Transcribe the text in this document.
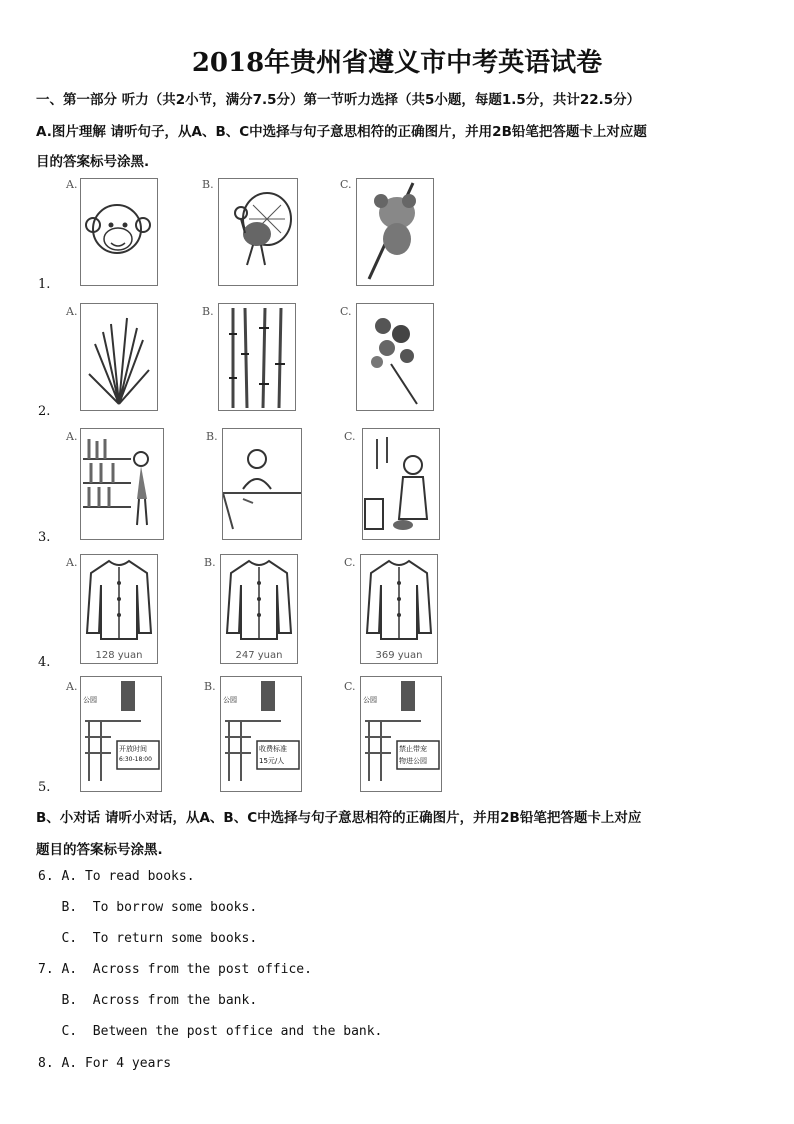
2018年贵州省遵义市中考英语试卷
一、第一部分 听力（共2小节，满分7.5分）第一节听力选择（共5小题，每题1.5分，共计22.5分）
A.图片理解 请听句子，从A、B、C中选择与句子意思相符的正确图片，并用2B铅笔把答题卡上对应题
目的答案标号涂黑.
1.
A.	B.	C.
2.
A.	B.	C.
3.
A.	B.	C.
4.
A.	B.	C.
128 yuan	247 yuan	369 yuan
5.
A.	B.	C.
公园
开放时间
6:30-18:00
公园
收费标准
15元/人
公园
禁止带宠
物进公园
B、小对话 请听小对话，从A、B、C中选择与句子意思相符的正确图片，并用2B铅笔把答题卡上对应
题目的答案标号涂黑.
6. A. To read books.
B.  To borrow some books.
C.  To return some books.
7. A.  Across from the post office.
B.  Across from the bank.
C.  Between the post office and the bank.
8. A. For 4 years
